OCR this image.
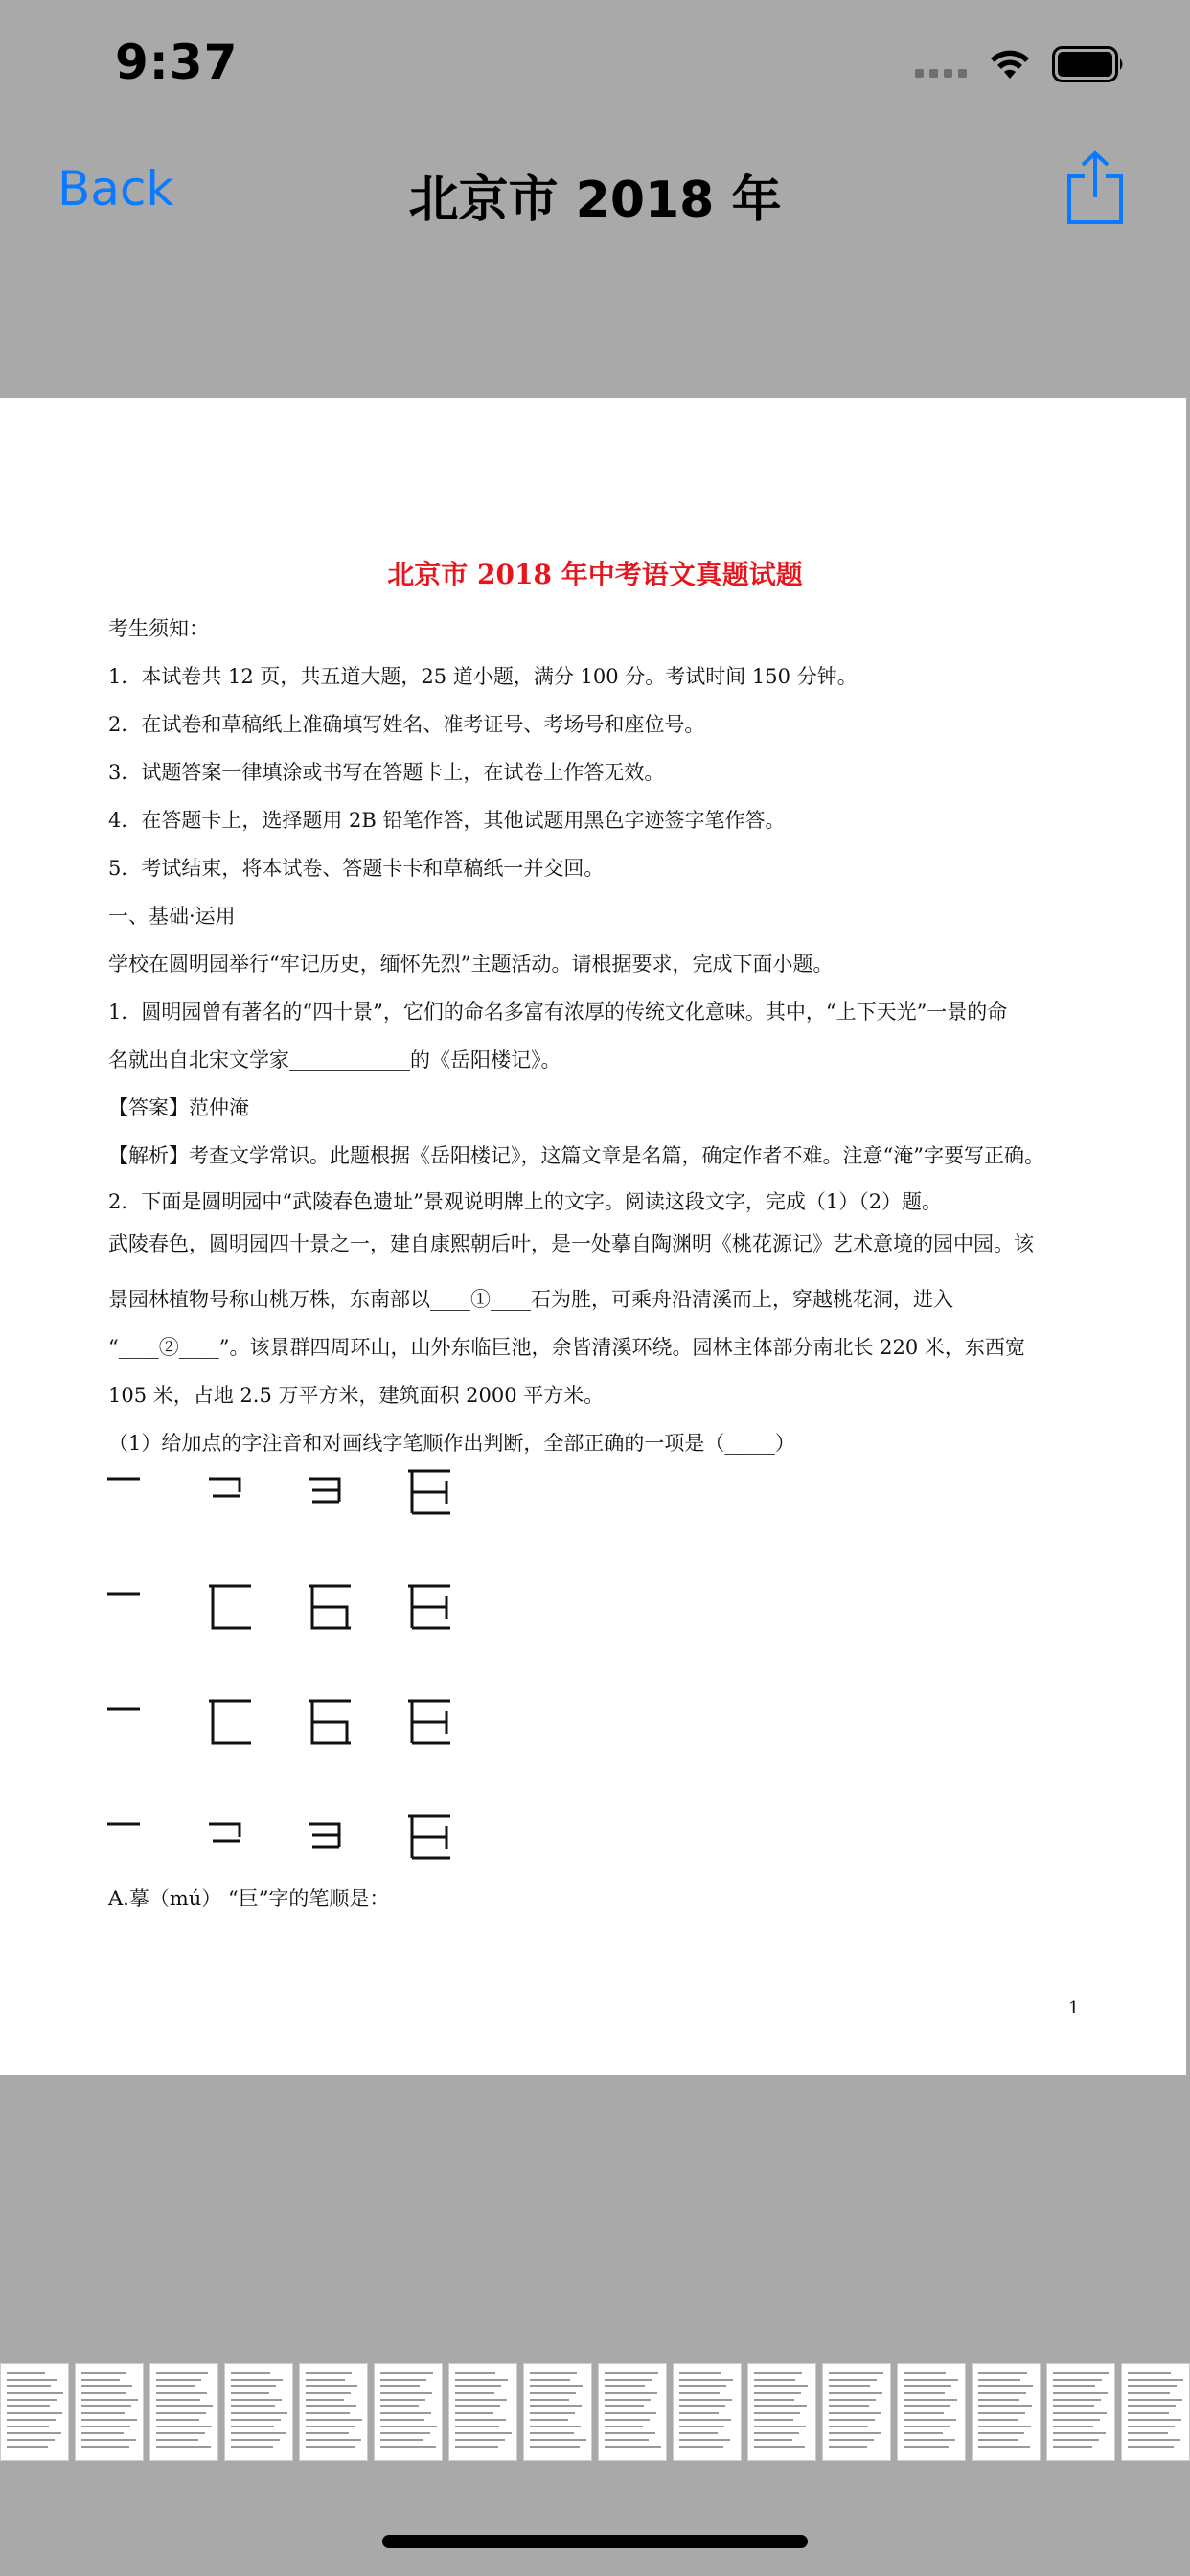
9:37
Back	北京市 2018 年
北京市 2018 年中考语文真题试题
考生须知：
1．本试卷共 12 页，共五道大题，25 道小题，满分 100 分。考试时间 150 分钟。
2．在试卷和草稿纸上准确填写姓名、准考证号、考场号和座位号。
3．试题答案一律填涂或书写在答题卡上，在试卷上作答无效。
4．在答题卡上，选择题用 2B 铅笔作答，其他试题用黑色字迹签字笔作答。
5．考试结束，将本试卷、答题卡卡和草稿纸一并交回。
一、基础·运用
学校在圆明园举行“牢记历史，缅怀先烈”主题活动。请根据要求，完成下面小题。
1．圆明园曾有著名的“四十景”，它们的命名多富有浓厚的传统文化意味。其中，“上下天光”一景的命
名就出自北宋文学家____________的《岳阳楼记》。
【答案】范仲淹
【解析】考查文学常识。此题根据《岳阳楼记》，这篇文章是名篇，确定作者不难。注意“淹”字要写正确。
2．下面是圆明园中“武陵春色遗址”景观说明牌上的文字。阅读这段文字，完成（1）（2）题。
武陵春色，圆明园四十景之一，建自康熙朝后叶，是一处摹自陶渊明《桃花源记》艺术意境的园中园。该
景园林植物号称山桃万株，东南部以____①____石为胜，可乘舟沿清溪而上，穿越桃花洞，进入
“____②____”。该景群四周环山，山外东临巨池，余皆清溪环绕。园林主体部分南北长 220 米，东西宽
105 米，占地 2.5 万平方米，建筑面积 2000 平方米。
（1）给加点的字注音和对画线字笔顺作出判断，全部正确的一项是（_____）
A.摹（mú） “巨”字的笔顺是：
1
